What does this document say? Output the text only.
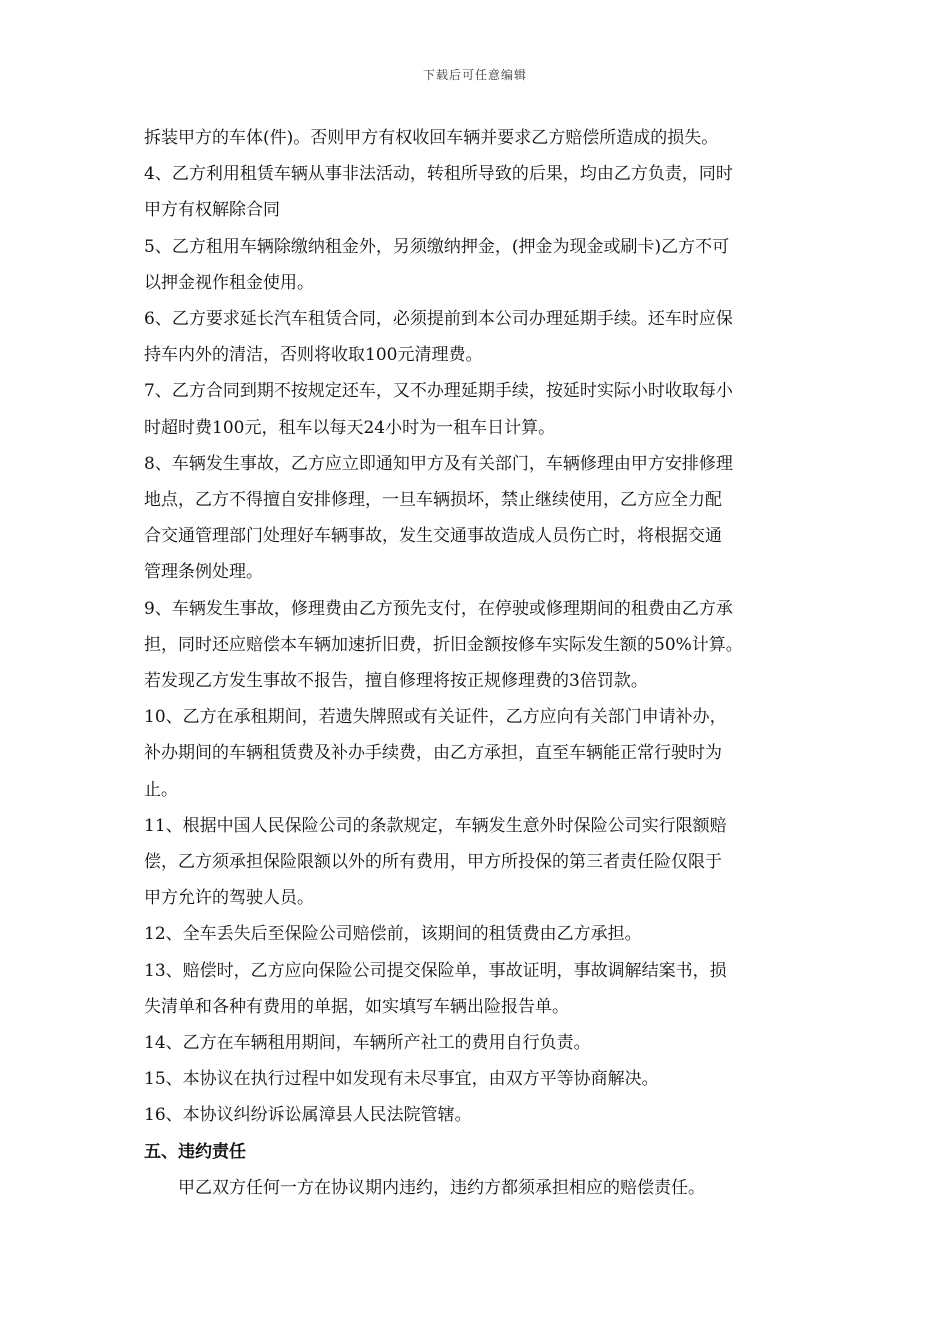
下载后可任意编辑

拆装甲方的车体(件)。否则甲方有权收回车辆并要求乙方赔偿所造成的损失。

4、乙方利用租赁车辆从事非法活动，转租所导致的后果，均由乙方负责，同时
甲方有权解除合同

5、乙方租用车辆除缴纳租金外，另须缴纳押金，(押金为现金或刷卡)乙方不可
以押金视作租金使用。

6、乙方要求延长汽车租赁合同，必须提前到本公司办理延期手续。还车时应保
持车内外的清洁，否则将收取100元清理费。

7、乙方合同到期不按规定还车，又不办理延期手续，按延时实际小时收取每小
时超时费100元，租车以每天24小时为一租车日计算。

8、车辆发生事故，乙方应立即通知甲方及有关部门，车辆修理由甲方安排修理
地点，乙方不得擅自安排修理，一旦车辆损坏，禁止继续使用，乙方应全力配
合交通管理部门处理好车辆事故，发生交通事故造成人员伤亡时，将根据交通
管理条例处理。

9、车辆发生事故，修理费由乙方预先支付，在停驶或修理期间的租费由乙方承
担，同时还应赔偿本车辆加速折旧费，折旧金额按修车实际发生额的50%计算。
若发现乙方发生事故不报告，擅自修理将按正规修理费的3倍罚款。

10、乙方在承租期间，若遗失牌照或有关证件，乙方应向有关部门申请补办，
补办期间的车辆租赁费及补办手续费，由乙方承担，直至车辆能正常行驶时为
止。

11、根据中国人民保险公司的条款规定，车辆发生意外时保险公司实行限额赔
偿，乙方须承担保险限额以外的所有费用，甲方所投保的第三者责任险仅限于
甲方允许的驾驶人员。

12、全车丢失后至保险公司赔偿前，该期间的租赁费由乙方承担。

13、赔偿时，乙方应向保险公司提交保险单，事故证明，事故调解结案书，损
失清单和各种有费用的单据，如实填写车辆出险报告单。

14、乙方在车辆租用期间，车辆所产社工的费用自行负责。

15、本协议在执行过程中如发现有未尽事宜，由双方平等协商解决。

16、本协议纠纷诉讼属漳县人民法院管辖。

五、违约责任

甲乙双方任何一方在协议期内违约，违约方都须承担相应的赔偿责任。
